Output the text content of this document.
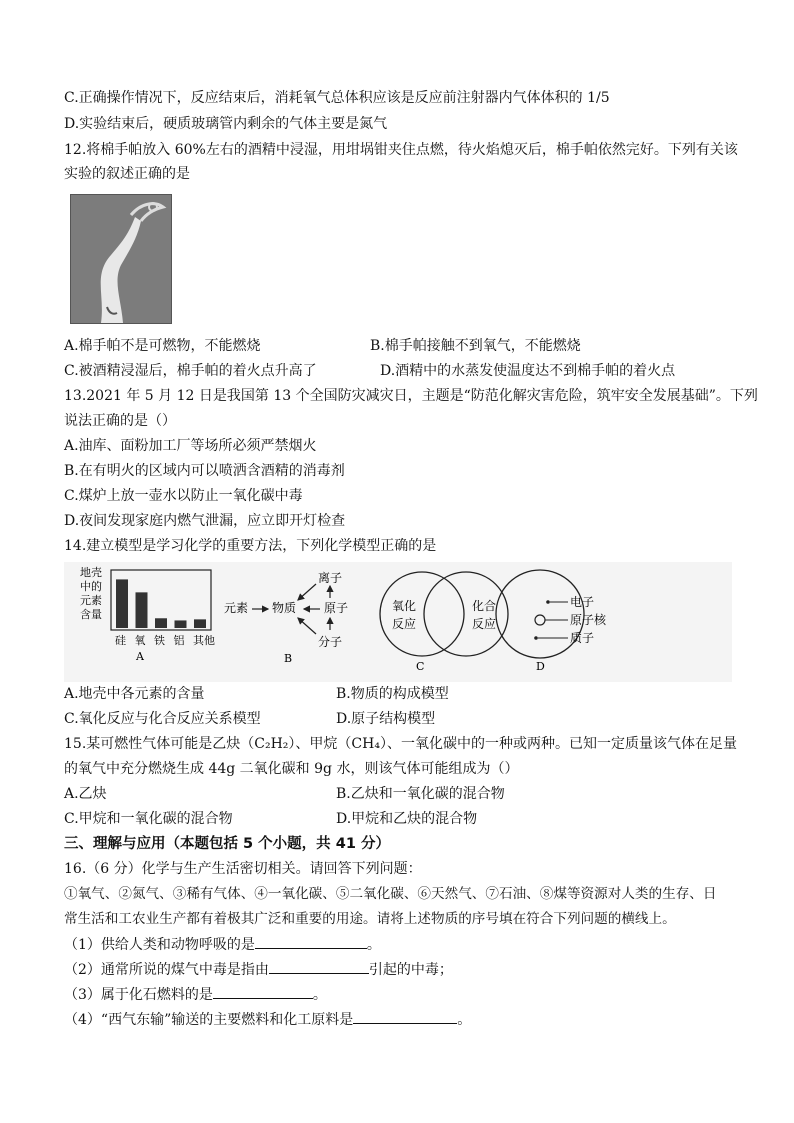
C.正确操作情况下，反应结束后，消耗氧气总体积应该是反应前注射器内气体体积的 1/5
D.实验结束后，硬质玻璃管内剩余的气体主要是氮气
12.将棉手帕放入 60%左右的酒精中浸湿，用坩埚钳夹住点燃，待火焰熄灭后，棉手帕依然完好。下列有关该
实验的叙述正确的是
A.棉手帕不是可燃物，不能燃烧	B.棉手帕接触不到氧气，不能燃烧
C.被酒精浸湿后，棉手帕的着火点升高了	D.酒精中的水蒸发使温度达不到棉手帕的着火点
13.2021 年 5 月 12 日是我国第 13 个全国防灾减灾日，主题是“防范化解灾害危险，筑牢安全发展基础”。下列
说法正确的是（）
A.油库、面粉加工厂等场所必须严禁烟火
B.在有明火的区域内可以喷洒含酒精的消毒剂
C.煤炉上放一壶水以防止一氧化碳中毒
D.夜间发现家庭内燃气泄漏，应立即开灯检查
14.建立模型是学习化学的重要方法，下列化学模型正确的是
地壳
中的
元素
含量
硅 氧 铁 铝 其他
A
离子
元素 物质 原子
分子
B
氧化
反应
化合
反应
C
电子
原子核
质子
D
A.地壳中各元素的含量	B.物质的构成模型
C.氧化反应与化合反应关系模型	D.原子结构模型
15.某可燃性气体可能是乙炔（C₂H₂）、甲烷（CH₄）、一氧化碳中的一种或两种。已知一定质量该气体在足量
的氧气中充分燃烧生成 44g 二氧化碳和 9g 水，则该气体可能组成为（）
A.乙炔	B.乙炔和一氧化碳的混合物
C.甲烷和一氧化碳的混合物	D.甲烷和乙炔的混合物
三、理解与应用（本题包括 5 个小题，共 41 分）
16.（6 分）化学与生产生活密切相关。请回答下列问题：
①氧气、②氮气、③稀有气体、④一氧化碳、⑤二氧化碳、⑥天然气、⑦石油、⑧煤等资源对人类的生存、日
常生活和工农业生产都有着极其广泛和重要的用途。请将上述物质的序号填在符合下列问题的横线上。
（1）供给人类和动物呼吸的是	。
（2）通常所说的煤气中毒是指由	引起的中毒；
（3）属于化石燃料的是	。
（4）“西气东输”输送的主要燃料和化工原料是	。
